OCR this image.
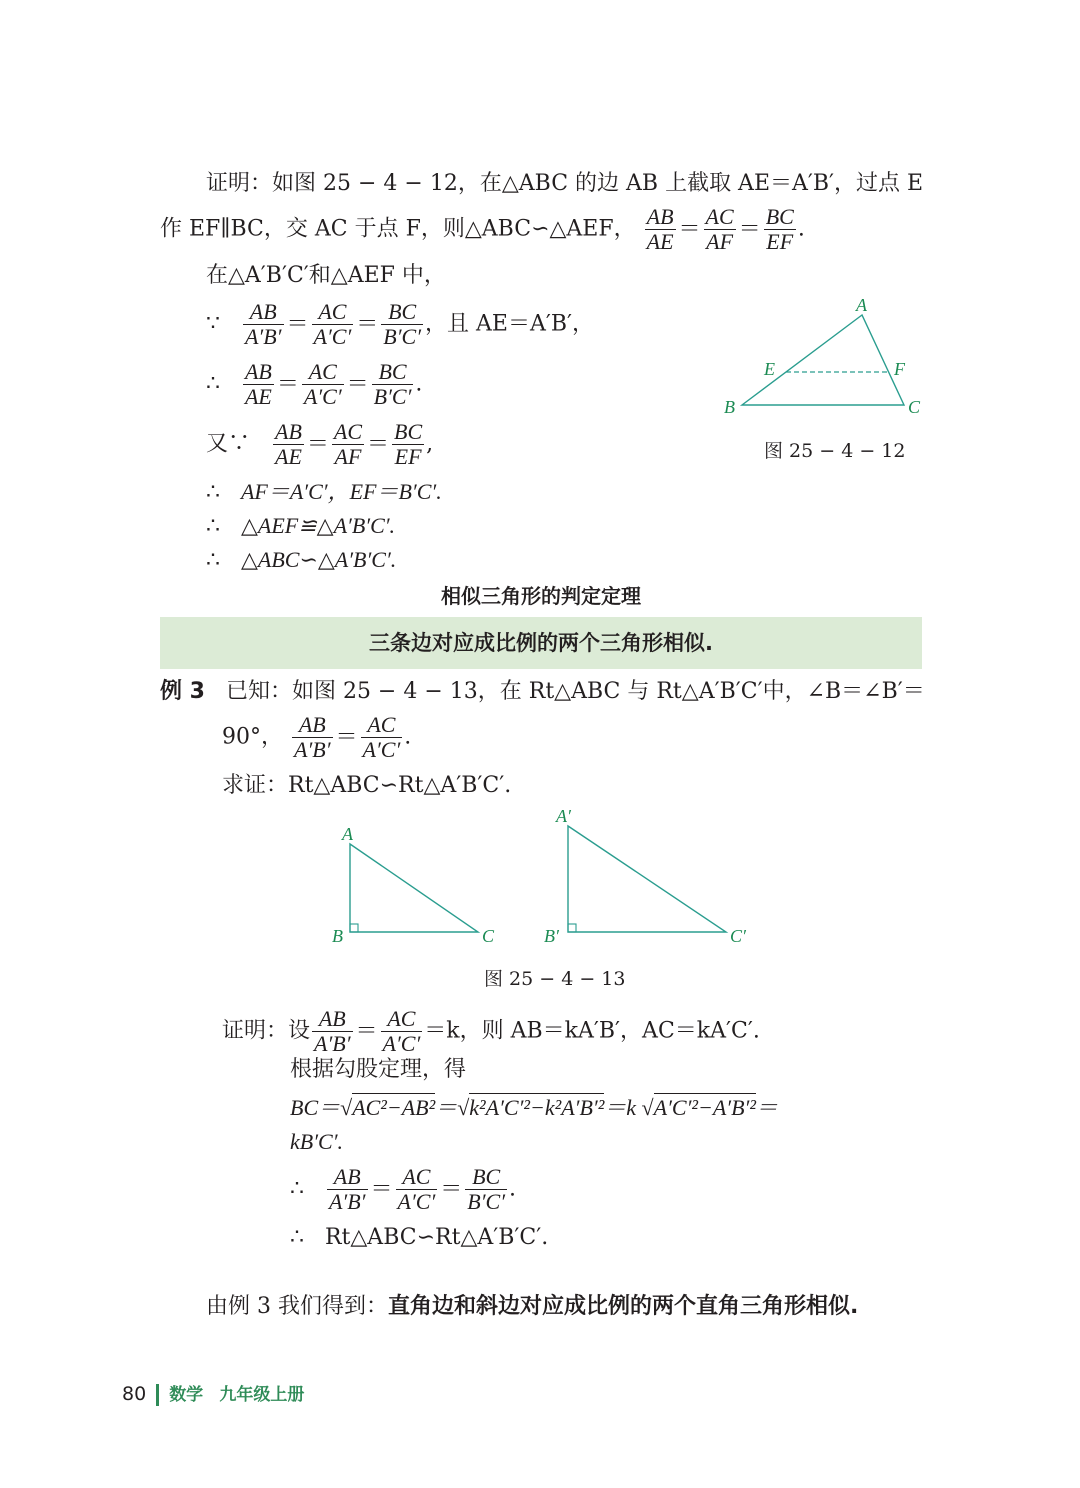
证明：如图 25 − 4 − 12，在△ABC 的边 AB 上截取 AE＝A′B′，过点 E
作 EF∥BC，交 AC 于点 F，则△ABC∽△AEF， $\frac{AB}{AE} = \frac{AC}{AF} = \frac{BC}{EF}$ .
在△A′B′C′和△AEF 中，
∵ $\frac{AB}{A'B'} = \frac{AC}{A'C'} = \frac{BC}{B'C'}$ ，且 AE＝A′B′，
∴ $\frac{AB}{AE} = \frac{AC}{A'C'} = \frac{BC}{B'C'}$ .
又∵ $\frac{AB}{AE} = \frac{AC}{AF} = \frac{BC}{EF}$ ,
∴ AF＝A′C′，EF＝B′C′.
∴ △AEF≌△A′B′C′.
∴ △ABC∽△A′B′C′.
A
B	C
E	F
图 25 − 4 − 12
相似三角形的判定定理
三条边对应成比例的两个三角形相似.
例 3 已知：如图 25 − 4 − 13，在 Rt△ABC 与 Rt△A′B′C′中，∠B＝∠B′＝
90°， $\frac{AB}{A'B'} = \frac{AC}{A'C'}$ .
求证：Rt△ABC∽Rt△A′B′C′.
A
B	C
A′
B′	C′
图 25 − 4 − 13
证明：设 $\frac{AB}{A'B'} = \frac{AC}{A'C'} =k$，则 AB＝kA′B′，AC＝kA′C′.
根据勾股定理，得
BC＝√AC²−AB²＝√k²A′C′²−k²A′B′²＝k √A′C′²−A′B′²＝
kB′C′.
∴ $\frac{AB}{A'B'} = \frac{AC}{A'C'} = \frac{BC}{B'C'}$ .
∴ Rt△ABC∽Rt△A′B′C′.
由例 3 我们得到：直角边和斜边对应成比例的两个直角三角形相似.
80 数学 九年级上册
